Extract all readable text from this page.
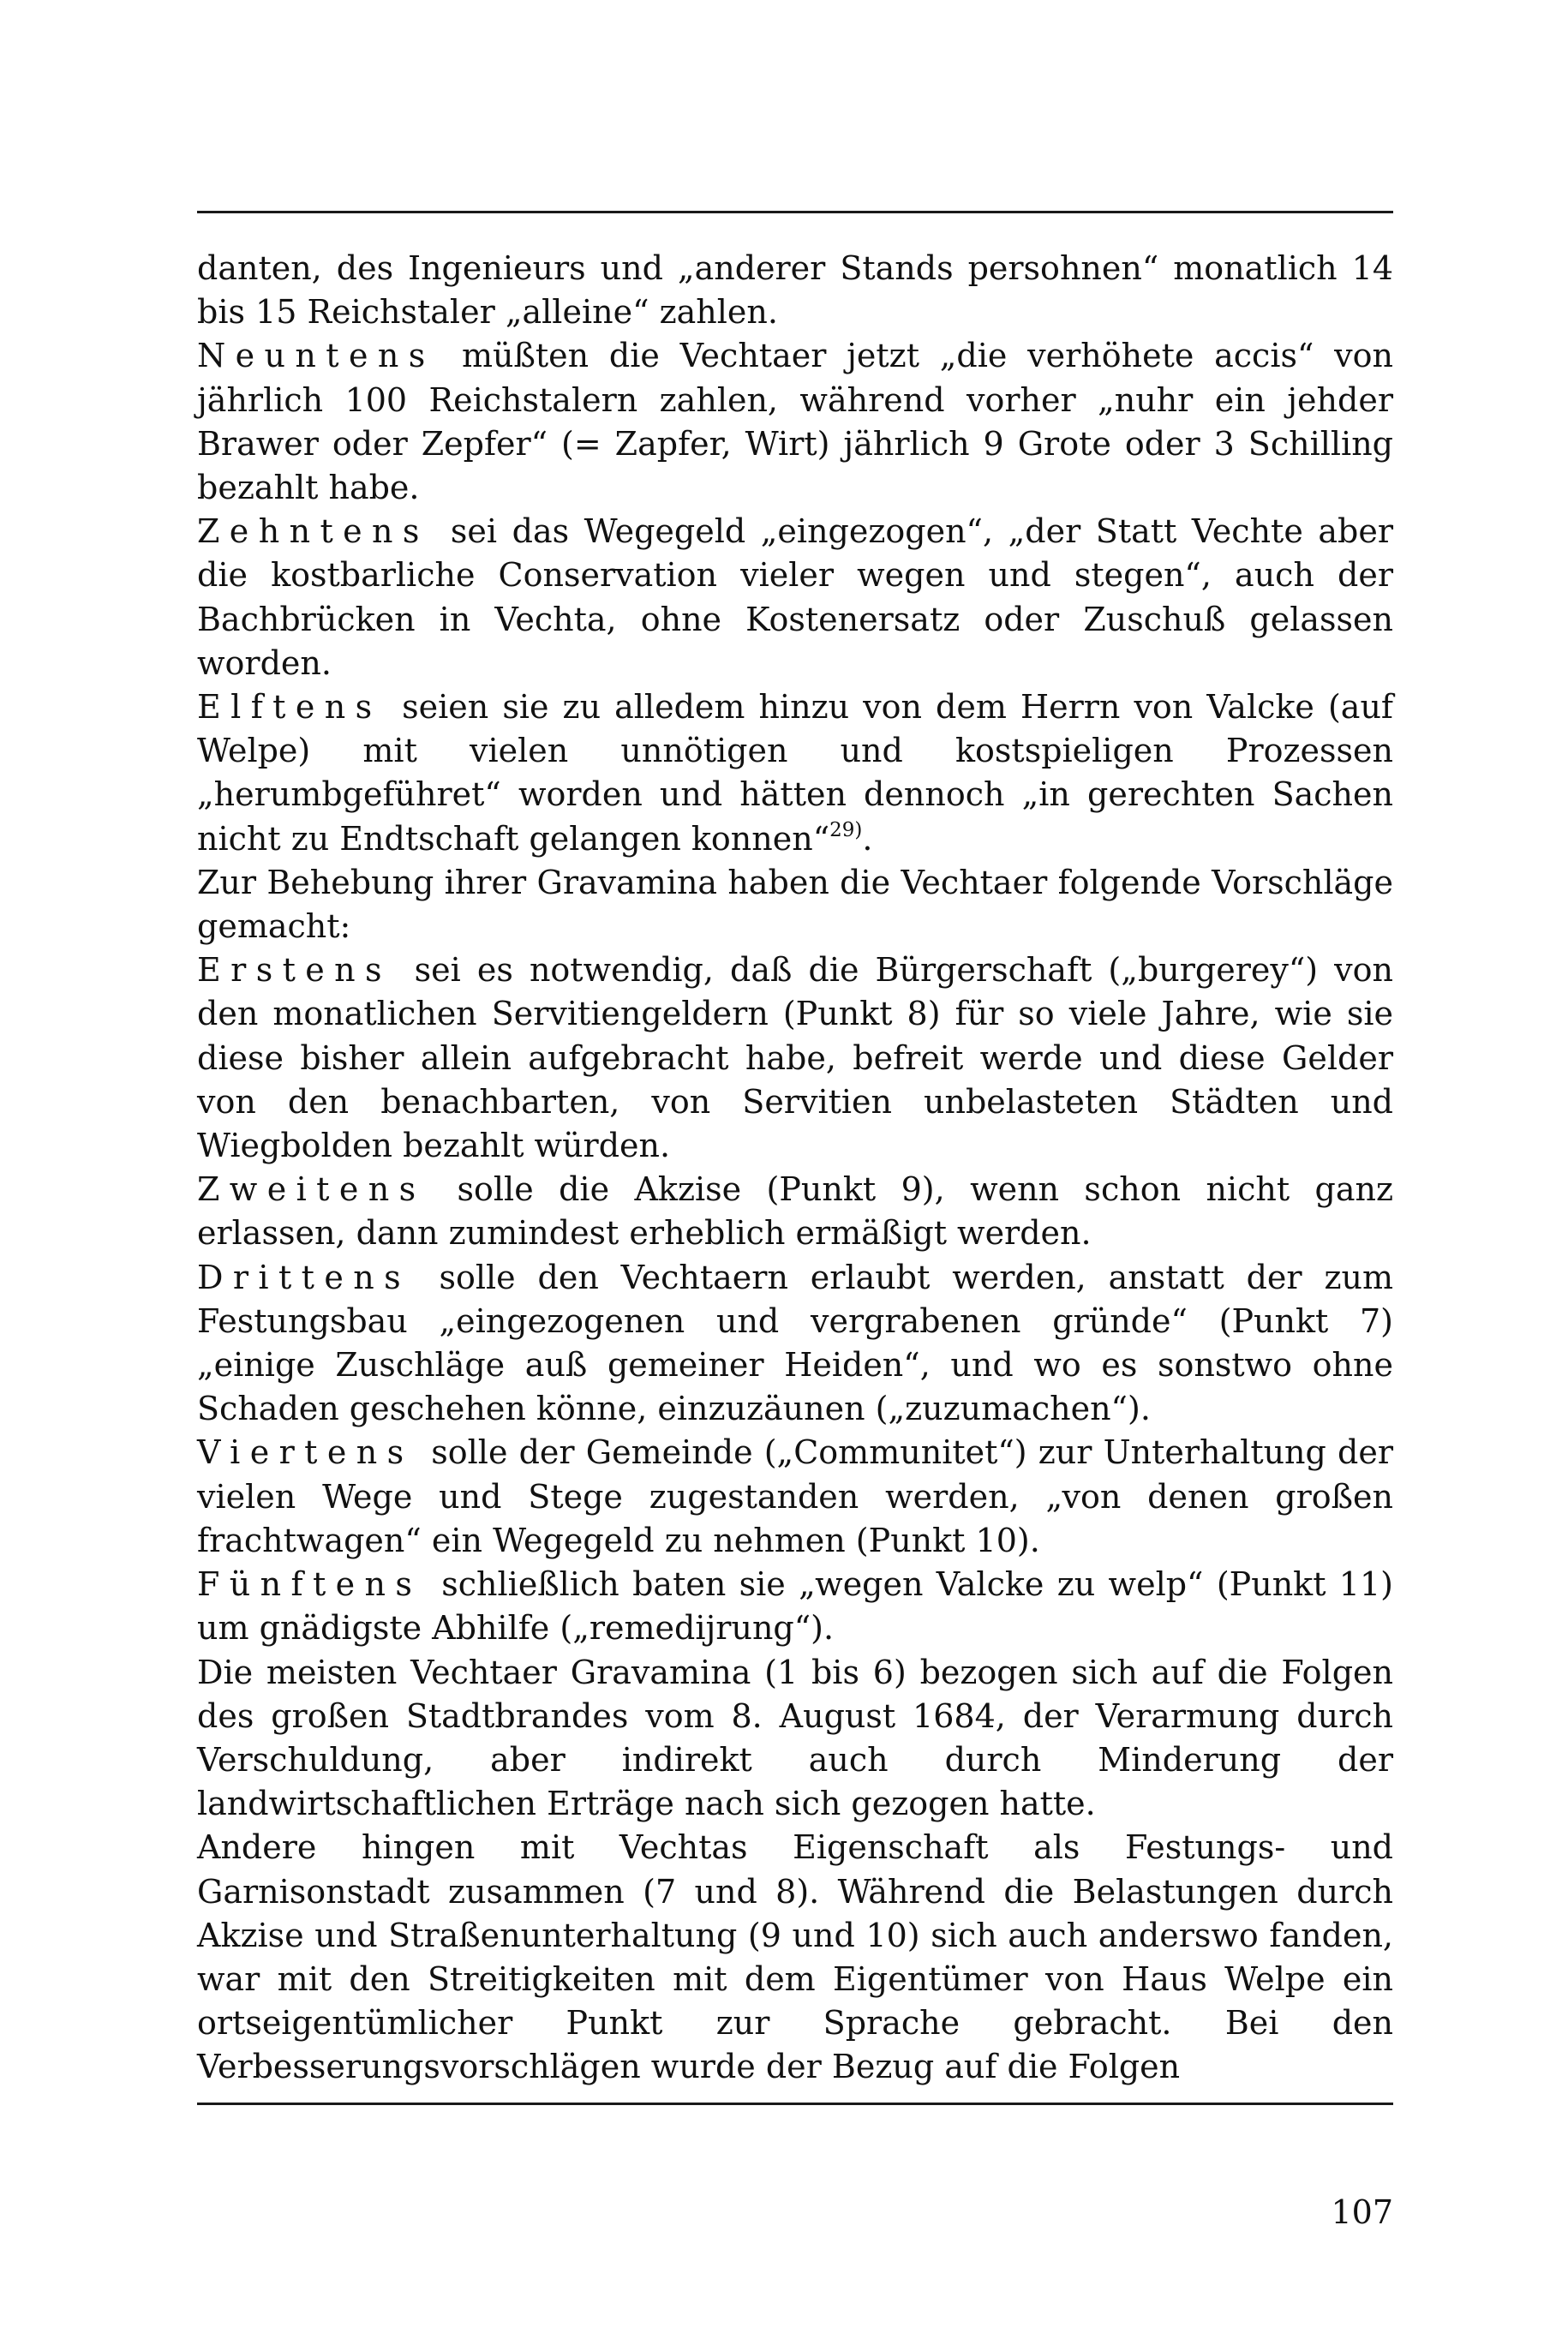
danten, des Ingenieurs und „anderer Stands persohnen“ monatlich 14 bis 15 Reichstaler „alleine“ zahlen.

Neuntens müßten die Vechtaer jetzt „die verhöhete accis“ von jährlich 100 Reichstalern zahlen, während vorher „nuhr ein jehder Brawer oder Zepfer“ (= Zapfer, Wirt) jährlich 9 Grote oder 3 Schilling bezahlt habe.

Zehntens sei das Wegegeld „eingezogen“, „der Statt Vechte aber die kostbarliche Conservation vieler wegen und stegen“, auch der Bachbrücken in Vechta, ohne Kostenersatz oder Zuschuß gelassen worden.

Elftens seien sie zu alledem hinzu von dem Herrn von Valcke (auf Welpe) mit vielen unnötigen und kostspieligen Prozessen „herumbgeführet“ worden und hätten dennoch „in gerechten Sachen nicht zu Endtschaft gelangen konnen“$^{29)}$.

Zur Behebung ihrer Gravamina haben die Vechtaer folgende Vorschläge gemacht:

Erstens sei es notwendig, daß die Bürgerschaft („burgerey“) von den monatlichen Servitiengeldern (Punkt 8) für so viele Jahre, wie sie diese bisher allein aufgebracht habe, befreit werde und diese Gelder von den benachbarten, von Servitien unbelasteten Städten und Wiegbolden bezahlt würden.

Zweitens solle die Akzise (Punkt 9), wenn schon nicht ganz erlassen, dann zumindest erheblich ermäßigt werden.

Drittens solle den Vechtaern erlaubt werden, anstatt der zum Festungsbau „eingezogenen und vergrabenen gründe“ (Punkt 7) „einige Zuschläge auß gemeiner Heiden“, und wo es sonstwo ohne Schaden geschehen könne, einzuzäunen („zuzumachen“).

Viertens solle der Gemeinde („Communitet“) zur Unterhaltung der vielen Wege und Stege zugestanden werden, „von denen großen frachtwagen“ ein Wegegeld zu nehmen (Punkt 10).

Fünftens schließlich baten sie „wegen Valcke zu welp“ (Punkt 11) um gnädigste Abhilfe („remedijrung“).

Die meisten Vechtaer Gravamina (1 bis 6) bezogen sich auf die Folgen des großen Stadtbrandes vom 8. August 1684, der Verarmung durch Verschuldung, aber indirekt auch durch Minderung der landwirtschaftlichen Erträge nach sich gezogen hatte.

Andere hingen mit Vechtas Eigenschaft als Festungs- und Garnisonstadt zusammen (7 und 8). Während die Belastungen durch Akzise und Straßenunterhaltung (9 und 10) sich auch anderswo fanden, war mit den Streitigkeiten mit dem Eigentümer von Haus Welpe ein ortseigentümlicher Punkt zur Sprache gebracht. Bei den Verbesserungsvorschlägen wurde der Bezug auf die Folgen

107
